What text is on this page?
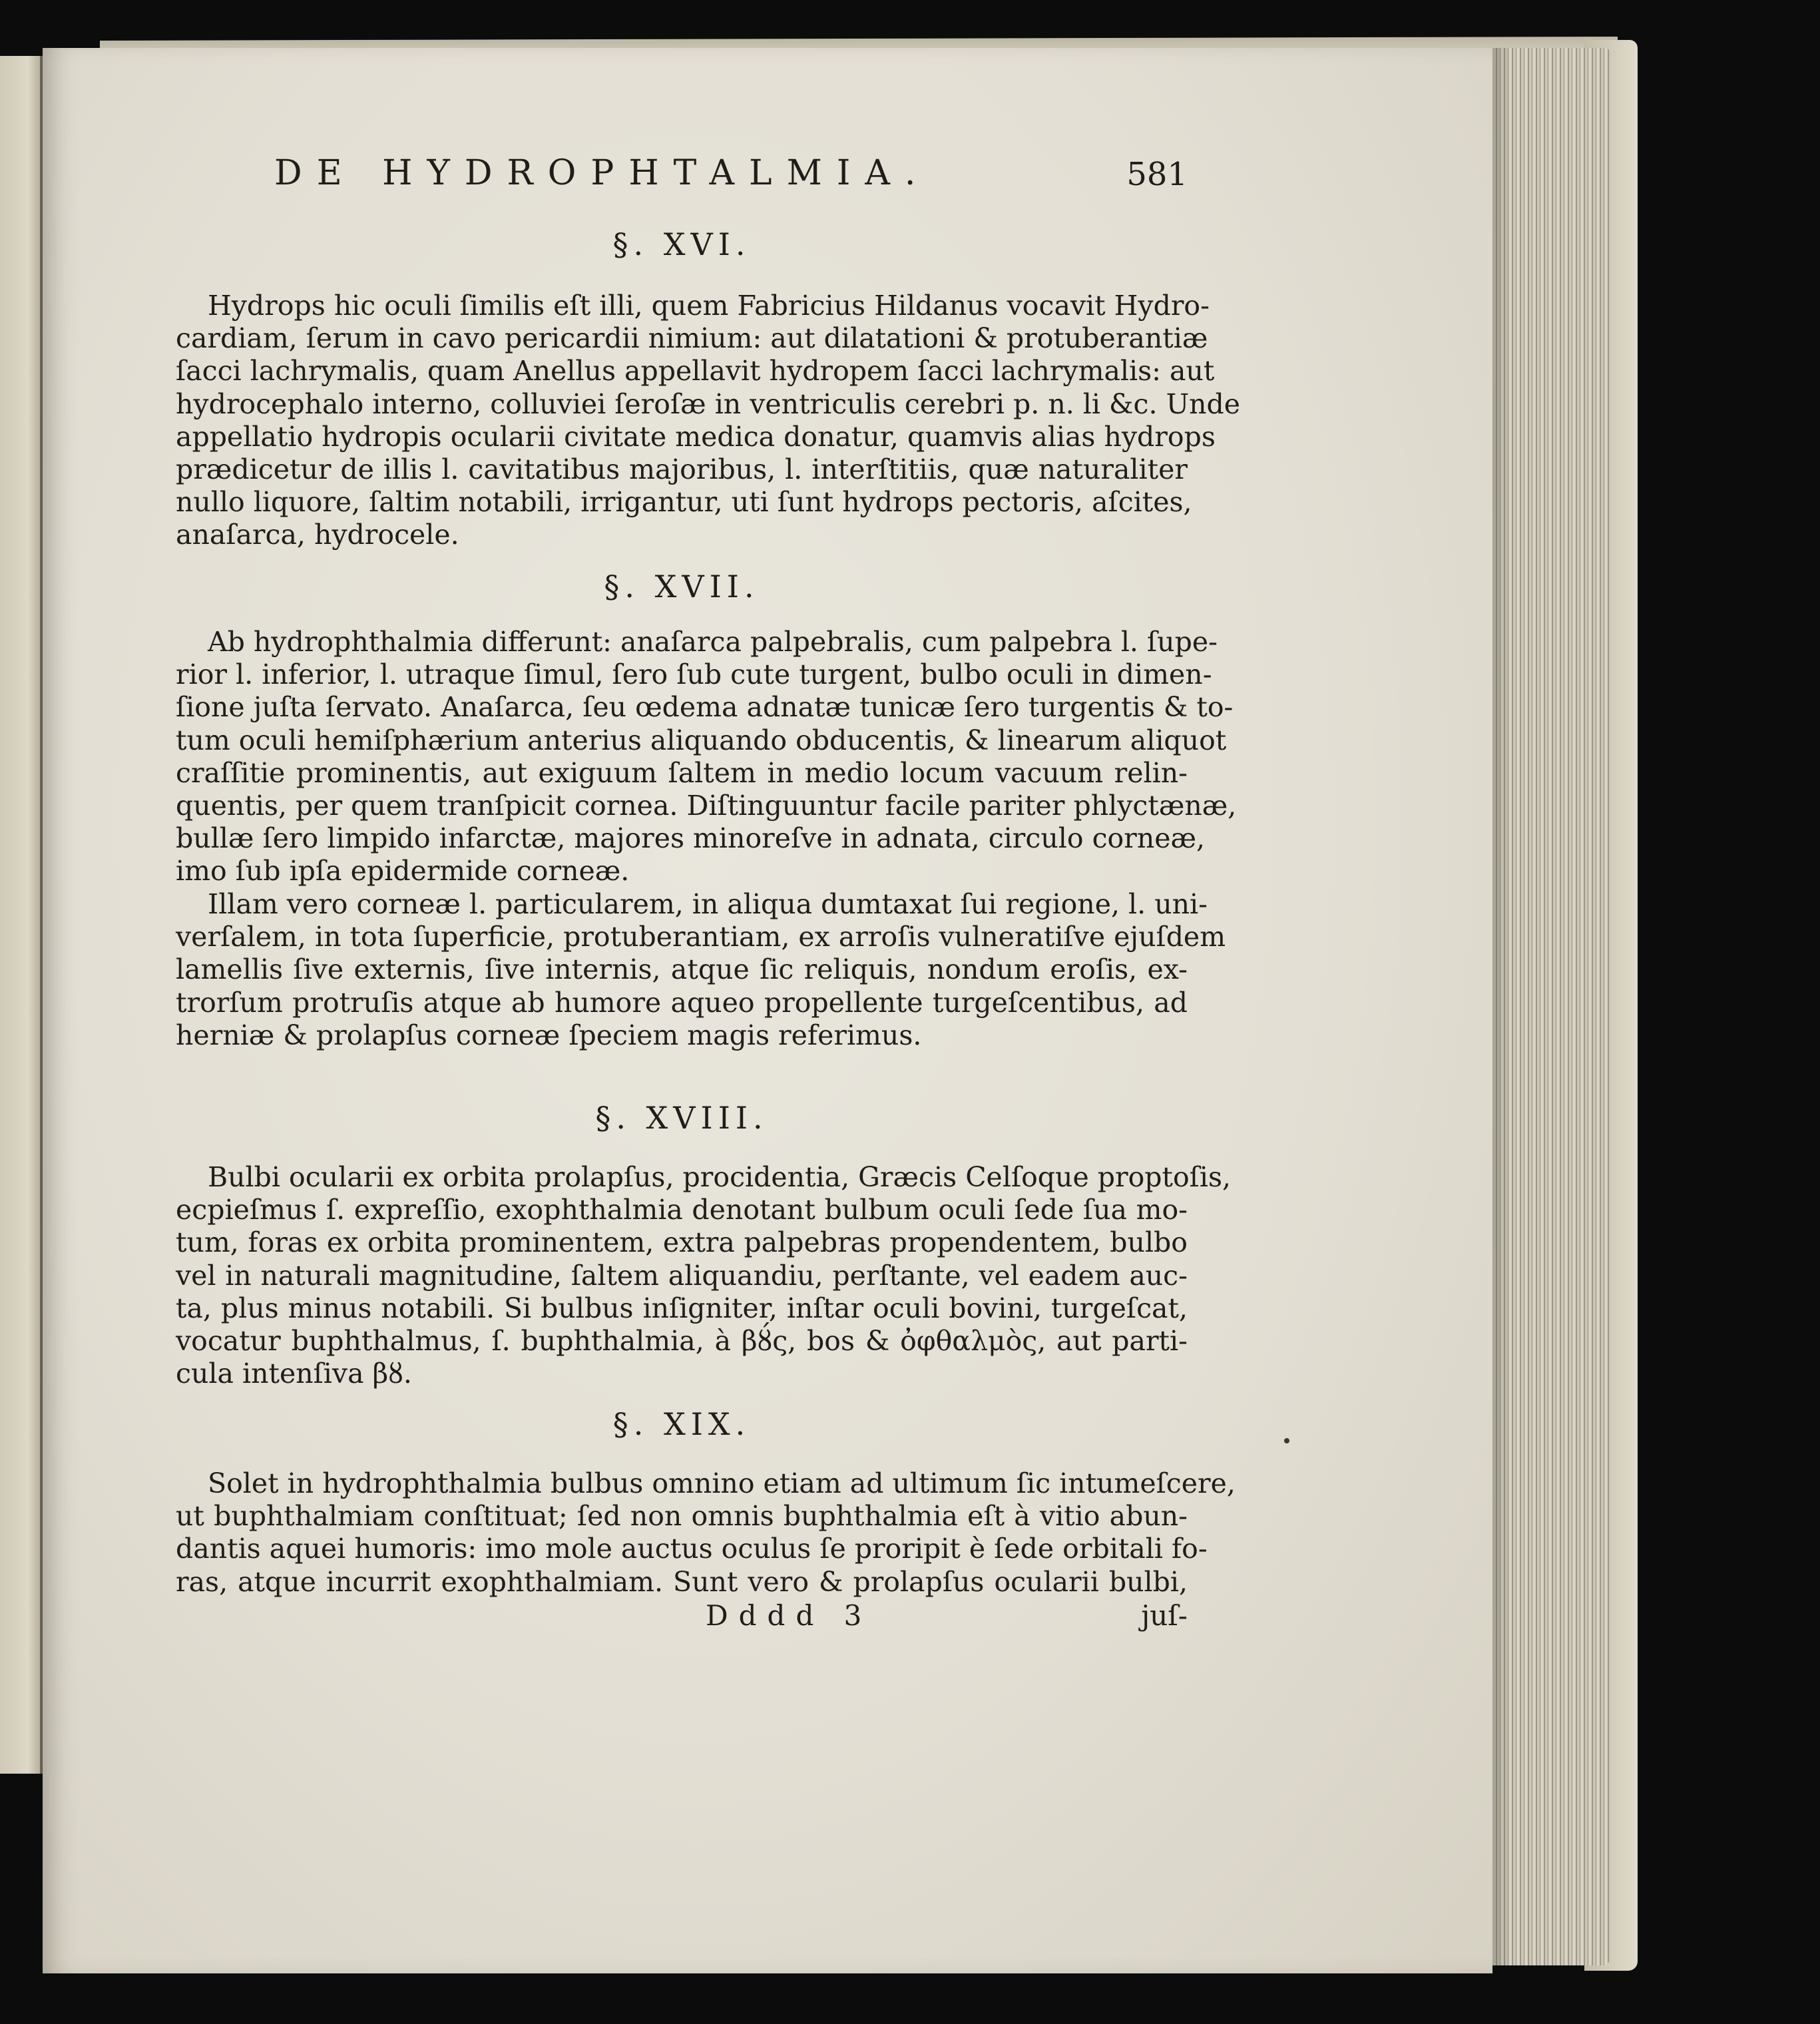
DE HYDROPHTALMIA.	581
§. XVI.
Hydrops hic oculi ſimilis eſt illi, quem Fabricius Hildanus vocavit Hydro-
cardiam, ſerum in cavo pericardii nimium: aut dilatationi & protuberantiæ
ſacci lachrymalis, quam Anellus appellavit hydropem ſacci lachrymalis: aut
hydrocephalo interno, colluviei ſeroſæ in ventriculis cerebri p. n. li &c. Unde
appellatio hydropis ocularii civitate medica donatur, quamvis alias hydrops
prædicetur de illis l. cavitatibus majoribus, l. interſtitiis, quæ naturaliter
nullo liquore, ſaltim notabili, irrigantur, uti ſunt hydrops pectoris, aſcites,
anaſarca, hydrocele.
§. XVII.
Ab hydrophthalmia differunt: anaſarca palpebralis, cum palpebra l. ſupe-
rior l. inferior, l. utraque ſimul, ſero ſub cute turgent, bulbo oculi in dimen-
ſione juſta ſervato. Anaſarca, ſeu œdema adnatæ tunicæ ſero turgentis & to-
tum oculi hemiſphærium anterius aliquando obducentis, & linearum aliquot
craſſitie prominentis, aut exiguum ſaltem in medio locum vacuum relin-
quentis, per quem tranſpicit cornea. Diſtinguuntur facile pariter phlyctænæ,
bullæ ſero limpido infarctæ, majores minoreſve in adnata, circulo corneæ,
imo ſub ipſa epidermide corneæ.
Illam vero corneæ l. particularem, in aliqua dumtaxat ſui regione, l. uni-
verſalem, in tota ſuperficie, protuberantiam, ex arroſis vulneratiſve ejuſdem
lamellis ſive externis, ſive internis, atque ſic reliquis, nondum eroſis, ex-
trorſum protruſis atque ab humore aqueo propellente turgeſcentibus, ad
herniæ & prolapſus corneæ ſpeciem magis referimus.
§. XVIII.
Bulbi ocularii ex orbita prolapſus, procidentia, Græcis Celſoque proptoſis,
ecpieſmus ſ. expreſſio, exophthalmia denotant bulbum oculi ſede ſua mo-
tum, foras ex orbita prominentem, extra palpebras propendentem, bulbo
vel in naturali magnitudine, ſaltem aliquandiu, perſtante, vel eadem auc-
ta, plus minus notabili. Si bulbus inſigniter, inſtar oculi bovini, turgeſcat,
vocatur buphthalmus, ſ. buphthalmia, à βȣ́ς, bos & ὀφθαλμὸς, aut parti-
cula intenſiva βȣ.
§. XIX.
Solet in hydrophthalmia bulbus omnino etiam ad ultimum ſic intumeſcere,
ut buphthalmiam conſtituat; ſed non omnis buphthalmia eſt à vitio abun-
dantis aquei humoris: imo mole auctus oculus ſe proripit è ſede orbitali fo-
ras, atque incurrit exophthalmiam. Sunt vero & prolapſus ocularii bulbi,
Dddd 3	juſ-
